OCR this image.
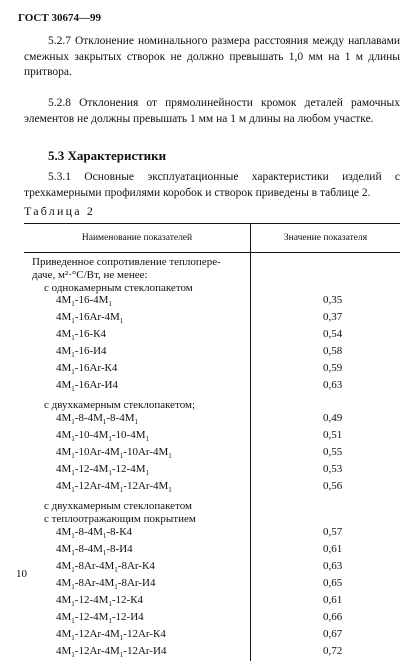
ГОСТ 30674—99
5.2.7 Отклонение номинального размера расстояния между наплавами смежных закрытых створок не должно превышать 1,0 мм на 1 м длины притвора.
5.2.8 Отклонения от прямолинейности кромок деталей рамочных элементов не должны превышать 1 мм на 1 м длины на любом участке.
5.3 Характеристики
5.3.1 Основные эксплуатационные характеристики изделий с трехкамерными профилями коробок и створок приведены в таблице 2.
Таблица 2
Наименование показателей	Значение показателя
Приведенное сопротивление теплопере-	
даче, м²·°С/Вт, не менее:	
с однокамерным стеклопакетом	
$4М_1-16-4М_1$	0,35
$4М_1-16Аr-4М_1$	0,37
$4М_1-16-К4$	0,54
$4М_1-16-И4$	0,58
$4М_1-16Аr-К4$	0,59
$4М_1-16Аr-И4$	0,63
с двухкамерным стеклопакетом;	
$4М_1-8-4М_1-8-4М_1$	0,49
$4М_1-10-4М_1-10-4М_1$	0,51
$4М_1-10Аr-4М_1-10Аr-4М_1$	0,55
$4М_1-12-4М_1-12-4М_1$	0,53
$4М_1-12Аr-4М_1-12Аr-4М_1$	0,56
с двухкамерным стеклопакетом	
с теплоотражающим покрытием	
$4М_1-8-4М_1-8-К4$	0,57
$4М_1-8-4М_1-8-И4$	0,61
$4М_1-8Аr-4М_1-8Аr-К4$	0,63
$4М_1-8Аr-4М_1-8Аr-И4$	0,65
$4М_1-12-4М_1-12-К4$	0,61
$4М_1-12-4М_1-12-И4$	0,66
$4М_1-12Аr-4М_1-12Аr-К4$	0,67
$4М_1-12Аr-4М_1-12Аr-И4$	0,72
10
